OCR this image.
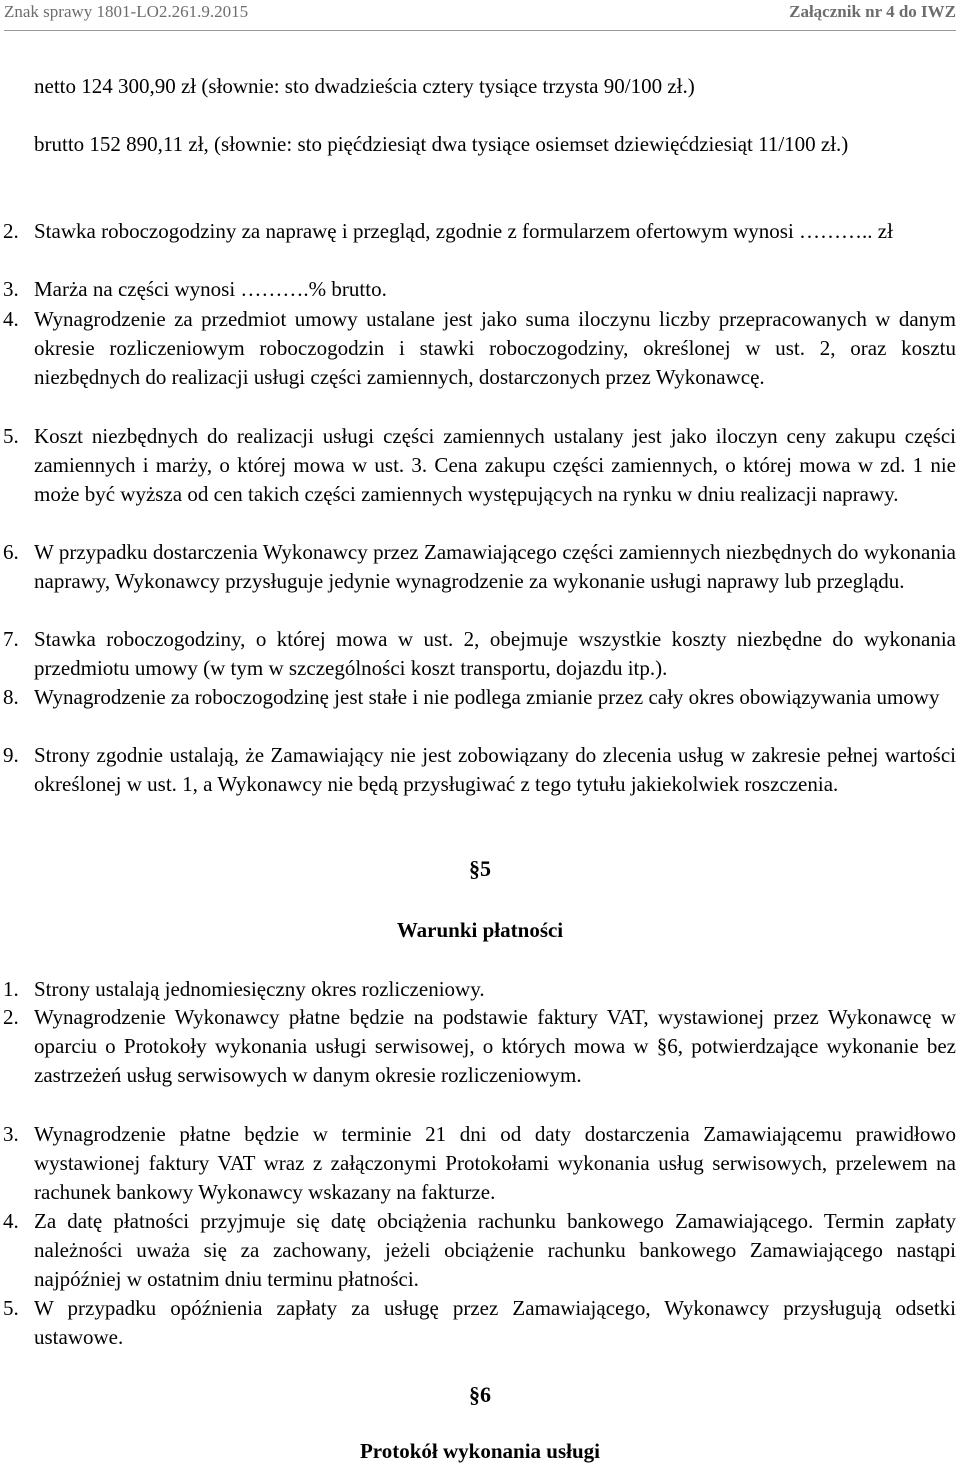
Znak sprawy 1801-LO2.261.9.2015	Załącznik nr 4 do IWZ
netto 124 300,90 zł (słownie: sto dwadzieścia cztery tysiące trzysta 90/100 zł.)
brutto 152 890,11 zł, (słownie: sto pięćdziesiąt dwa tysiące osiemset dziewięćdziesiąt 11/100 zł.)
2. Stawka roboczogodziny za naprawę i przegląd, zgodnie z formularzem ofertowym wynosi ……….. zł
3. Marża na części wynosi ……….% brutto.
4. Wynagrodzenie za przedmiot umowy ustalane jest jako suma iloczynu liczby przepracowanych w danym okresie rozliczeniowym roboczogodzin i stawki roboczogodziny, określonej w ust. 2, oraz kosztu niezbędnych do realizacji usługi części zamiennych, dostarczonych przez Wykonawcę.
5. Koszt niezbędnych do realizacji usługi części zamiennych ustalany jest jako iloczyn ceny zakupu części zamiennych i marży, o której mowa w ust. 3. Cena zakupu części zamiennych, o której mowa w zd. 1 nie może być wyższa od cen takich części zamiennych występujących na rynku w dniu realizacji naprawy.
6. W przypadku dostarczenia Wykonawcy przez Zamawiającego części zamiennych niezbędnych do wykonania naprawy, Wykonawcy przysługuje jedynie wynagrodzenie za wykonanie usługi naprawy lub przeglądu.
7. Stawka roboczogodziny, o której mowa w ust. 2, obejmuje wszystkie koszty niezbędne do wykonania przedmiotu umowy (w tym w szczególności koszt transportu, dojazdu itp.).
8. Wynagrodzenie za roboczogodzinę jest stałe i nie podlega zmianie przez cały okres obowiązywania umowy
9. Strony zgodnie ustalają, że Zamawiający nie jest zobowiązany do zlecenia usług w zakresie pełnej wartości określonej w ust. 1, a Wykonawcy nie będą przysługiwać z tego tytułu jakiekolwiek roszczenia.
§5
Warunki płatności
1. Strony ustalają jednomiesięczny okres rozliczeniowy.
2. Wynagrodzenie Wykonawcy płatne będzie na podstawie faktury VAT, wystawionej przez Wykonawcę w oparciu o Protokoły wykonania usługi serwisowej, o których mowa w §6, potwierdzające wykonanie bez zastrzeżeń usług serwisowych w danym okresie rozliczeniowym.
3. Wynagrodzenie płatne będzie w terminie 21 dni od daty dostarczenia Zamawiającemu prawidłowo wystawionej faktury VAT wraz z załączonymi Protokołami wykonania usług serwisowych, przelewem na rachunek bankowy Wykonawcy wskazany na fakturze.
4. Za datę płatności przyjmuje się datę obciążenia rachunku bankowego Zamawiającego. Termin zapłaty należności uważa się za zachowany, jeżeli obciążenie rachunku bankowego Zamawiającego nastąpi najpóźniej w ostatnim dniu terminu płatności.
5. W przypadku opóźnienia zapłaty za usługę przez Zamawiającego, Wykonawcy przysługują odsetki ustawowe.
§6
Protokół wykonania usługi
